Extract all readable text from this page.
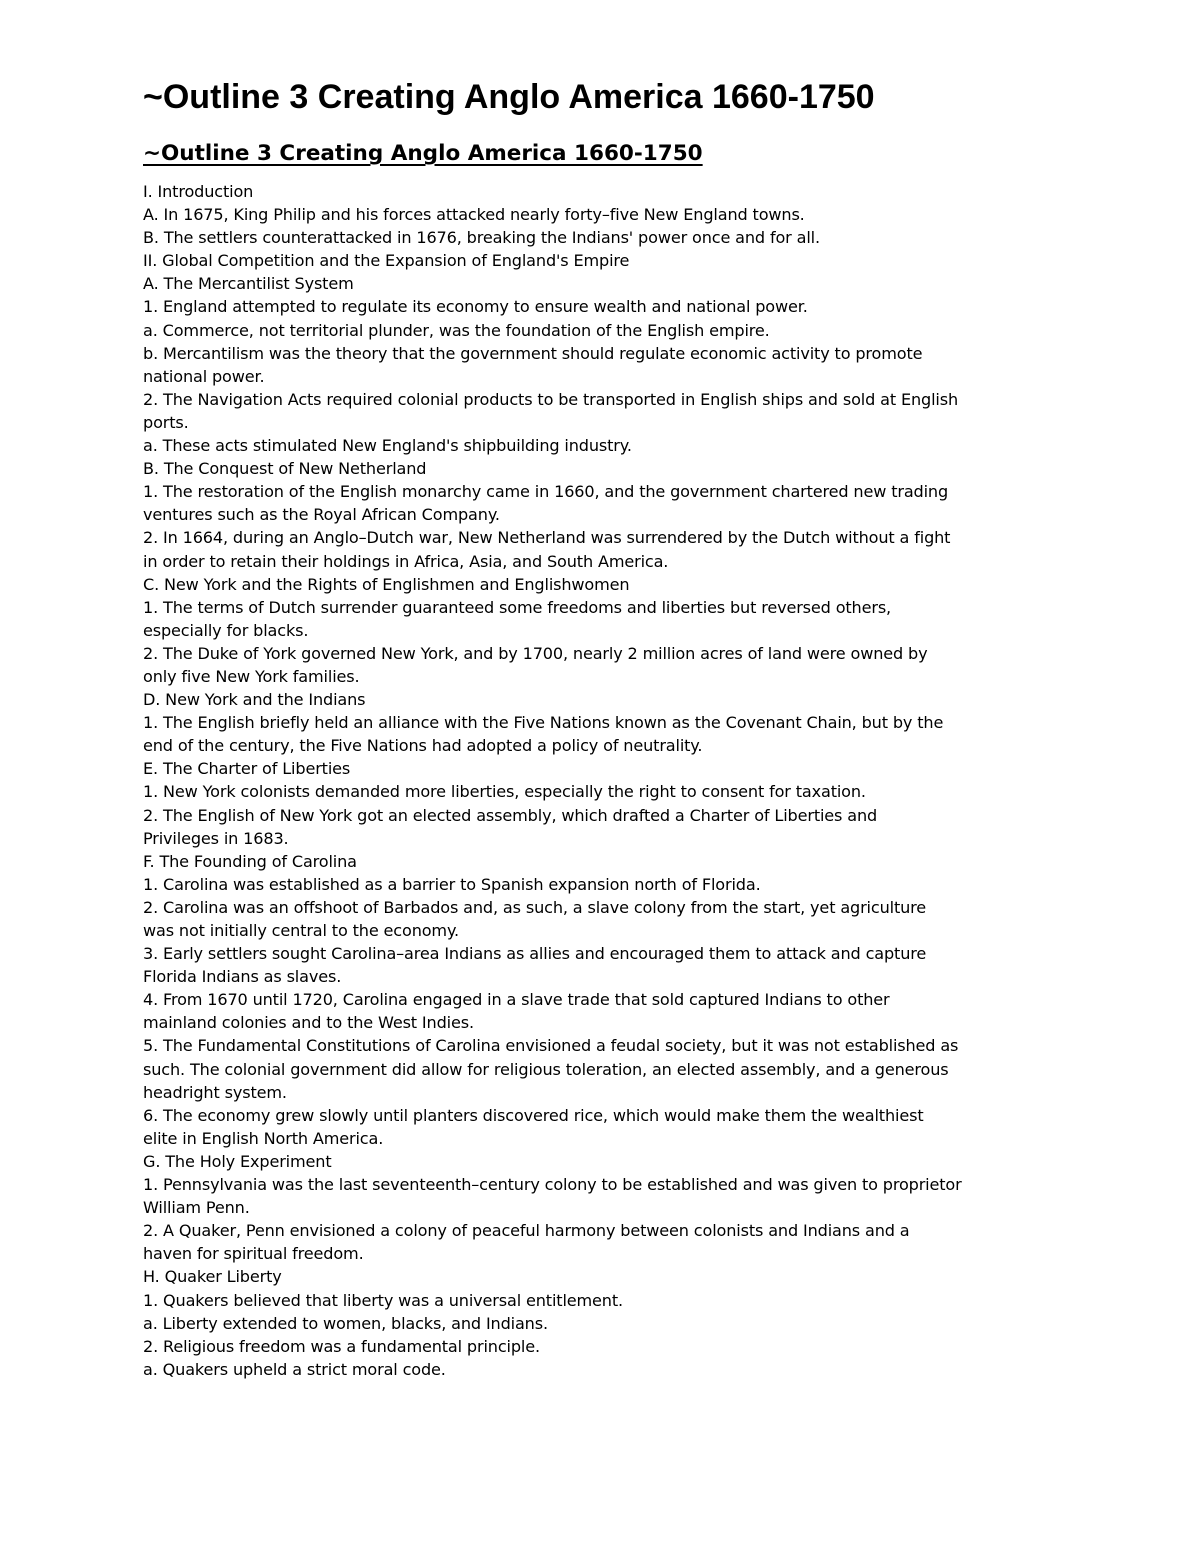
~Outline 3 Creating Anglo America 1660-1750
~Outline 3 Creating Anglo America 1660-1750
I. Introduction
A. In 1675, King Philip and his forces attacked nearly forty–five New England towns.
B. The settlers counterattacked in 1676, breaking the Indians' power once and for all.
II. Global Competition and the Expansion of England's Empire
A. The Mercantilist System
1. England attempted to regulate its economy to ensure wealth and national power.
a. Commerce, not territorial plunder, was the foundation of the English empire.
b. Mercantilism was the theory that the government should regulate economic activity to promote
national power.
2. The Navigation Acts required colonial products to be transported in English ships and sold at English
ports.
a. These acts stimulated New England's shipbuilding industry.
B. The Conquest of New Netherland
1. The restoration of the English monarchy came in 1660, and the government chartered new trading
ventures such as the Royal African Company.
2. In 1664, during an Anglo–Dutch war, New Netherland was surrendered by the Dutch without a fight
in order to retain their holdings in Africa, Asia, and South America.
C. New York and the Rights of Englishmen and Englishwomen
1. The terms of Dutch surrender guaranteed some freedoms and liberties but reversed others,
especially for blacks.
2. The Duke of York governed New York, and by 1700, nearly 2 million acres of land were owned by
only five New York families.
D. New York and the Indians
1. The English briefly held an alliance with the Five Nations known as the Covenant Chain, but by the
end of the century, the Five Nations had adopted a policy of neutrality.
E. The Charter of Liberties
1. New York colonists demanded more liberties, especially the right to consent for taxation.
2. The English of New York got an elected assembly, which drafted a Charter of Liberties and
Privileges in 1683.
F. The Founding of Carolina
1. Carolina was established as a barrier to Spanish expansion north of Florida.
2. Carolina was an offshoot of Barbados and, as such, a slave colony from the start, yet agriculture
was not initially central to the economy.
3. Early settlers sought Carolina–area Indians as allies and encouraged them to attack and capture
Florida Indians as slaves.
4. From 1670 until 1720, Carolina engaged in a slave trade that sold captured Indians to other
mainland colonies and to the West Indies.
5. The Fundamental Constitutions of Carolina envisioned a feudal society, but it was not established as
such. The colonial government did allow for religious toleration, an elected assembly, and a generous
headright system.
6. The economy grew slowly until planters discovered rice, which would make them the wealthiest
elite in English North America.
G. The Holy Experiment
1. Pennsylvania was the last seventeenth–century colony to be established and was given to proprietor
William Penn.
2. A Quaker, Penn envisioned a colony of peaceful harmony between colonists and Indians and a
haven for spiritual freedom.
H. Quaker Liberty
1. Quakers believed that liberty was a universal entitlement.
a. Liberty extended to women, blacks, and Indians.
2. Religious freedom was a fundamental principle.
a. Quakers upheld a strict moral code.
